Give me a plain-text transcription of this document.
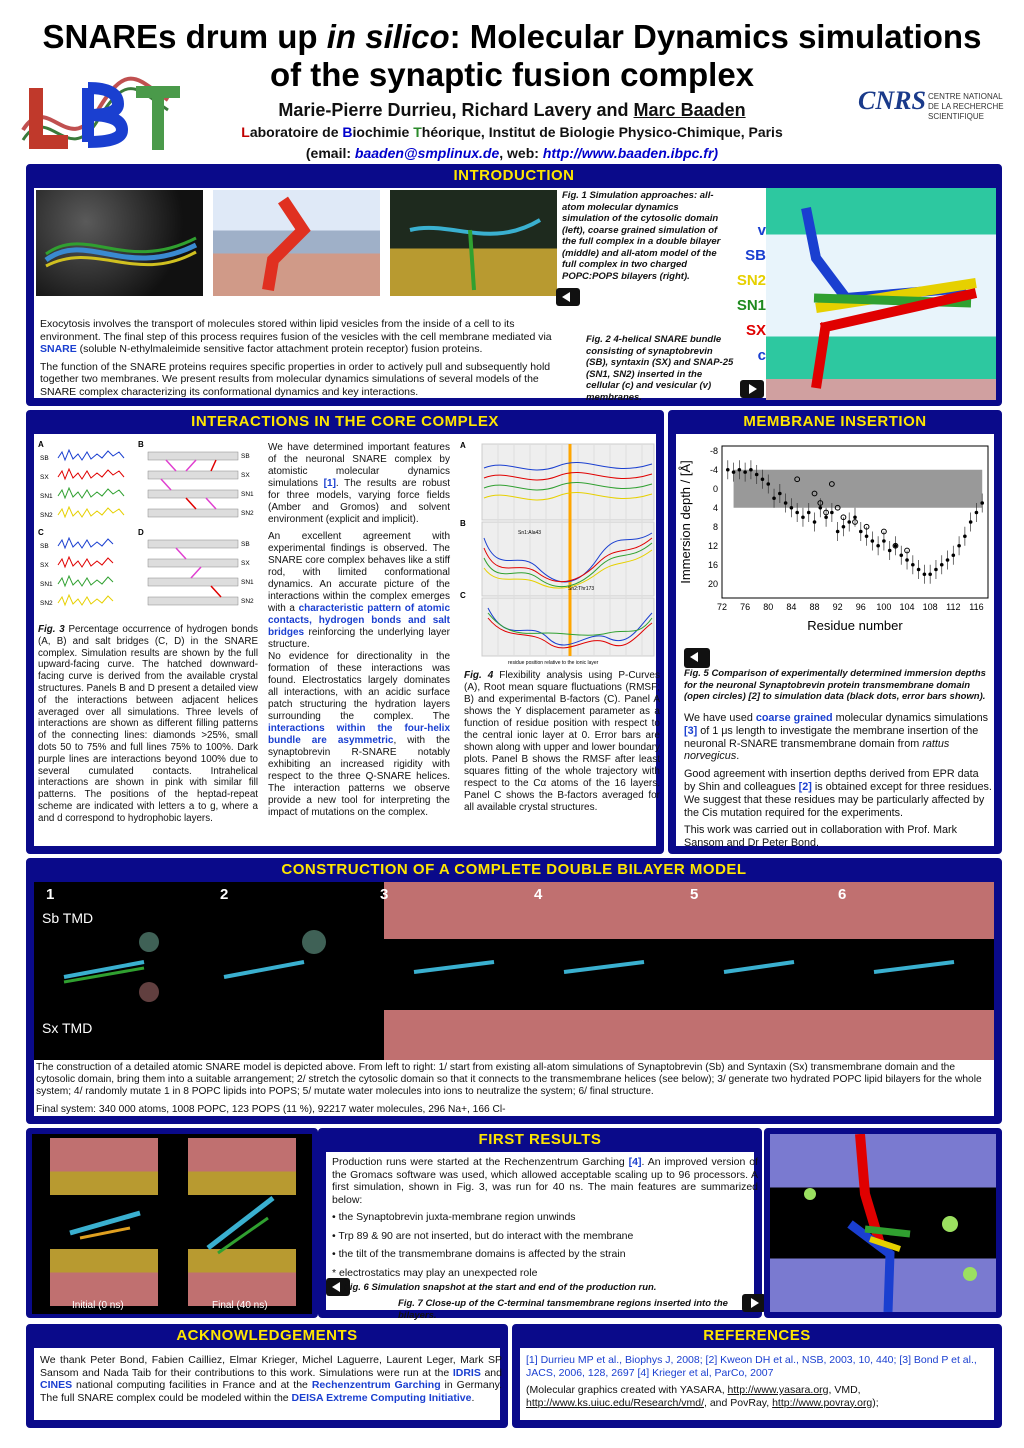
SNAREs drum up in silico: Molecular Dynamics simulations
of the synaptic fusion complex
Marie-Pierre Durrieu, Richard Lavery and Marc Baaden
Laboratoire de Biochimie Théorique, Institut de Biologie Physico-Chimique, Paris
(email: baaden@smplinux.de, web: http://www.baaden.ibpc.fr)
CNRS CENTRE NATIONAL
DE LA RECHERCHE
SCIENTIFIQUE
INTRODUCTION
Fig. 1 Simulation approaches: all-atom molecular dynamics simulation of the cytosolic domain (left), coarse grained simulation of the full complex in a double bilayer (middle) and all-atom model of the full complex in two charged POPC:POPS bilayers (right).
v
SB
SN2
SN1
SX
c

Exocytosis involves the transport of molecules stored within lipid vesicles from the inside of a cell to its environment. The final step of this process requires fusion of the vesicles with the cell membrane mediated via SNARE (soluble N-ethylmaleimide sensitive factor attachment protein receptor) fusion proteins.

The function of the SNARE proteins requires specific properties in order to actively pull and subsequently hold together two membranes. We present results from molecular dynamics simulations of several models of the SNARE complex characterizing its conformational dynamics and key interactions.

Fig. 2 4-helical SNARE bundle consisting of synaptobrevin (SB), syntaxin (SX) and SNAP-25 (SN1, SN2) inserted in the cellular (c) and vesicular (v) membranes.
INTERACTIONS IN THE CORE COMPLEX
A	B
C	D
SB
SX
SN1
SN2
SB
SX
SN1
SN2
SB
SX
SN1
SN2
SB
SX
SN1
SN2
Fig. 3 Percentage occurrence of hydrogen bonds (A, B) and salt bridges (C, D) in the SNARE complex. Simulation results are shown by the full upward-facing curve. The hatched downward-facing curve is derived from the available crystal structures. Panels B and D present a detailed view of the interactions between adjacent helices averaged over all simulations. Three levels of interactions are shown as different filling patterns of the connecting lines: diamonds >25%, small dots 50 to 75% and full lines 75% to 100%. Dark purple lines are interactions beyond 100% due to several cumulated contacts. Intrahelical interactions are shown in pink with similar fill patterns. The positions of the heptad-repeat scheme are indicated with letters a to g, where a and d correspond to hydrophobic layers.

We have determined important features of the neuronal SNARE complex by atomistic molecular dynamics simulations [1]. The results are robust for three models, varying force fields (Amber and Gromos) and solvent environment (explicit and implicit).

An excellent agreement with experimental findings is observed. The SNARE core complex behaves like a stiff rod, with limited conformational dynamics. An accurate picture of the interactions within the complex emerges with a characteristic pattern of atomic contacts, hydrogen bonds and salt bridges reinforcing the underlying layer structure.

No evidence for directionality in the formation of these interactions was found. Electrostatics largely dominates all interactions, with an acidic surface patch structuring the hydration layers surrounding the complex. The interactions within the four-helix bundle are asymmetric, with the synaptobrevin R-SNARE notably exhibiting an increased rigidity with respect to the three Q-SNARE helices. The interaction patterns we observe provide a new tool for interpreting the impact of mutations on the complex.

A
B
C
Sn1:Ala43
Sn2:Thr173
residue position relative to the ionic layer
Fig. 4 Flexibility analysis using P-Curves (A), Root mean square fluctuations (RMSF; B) and experimental B-factors (C). Panel A shows the Y displacement parameter as a function of residue position with respect to the central ionic layer at 0. Error bars are shown along with upper and lower boundary plots. Panel B shows the RMSF after least squares fitting of the whole trajectory with respect to the Cα atoms of the 16 layers. Panel C shows the B-factors averaged for all available crystal structures.
MEMBRANE INSERTION
72 76 80 84 88 92 96 100 104 108 112 116
-8
-4
0
4
8
12
16
20
Residue number
Immersion depth / [Å]
Fig. 5 Comparison of experimentally determined immersion depths for the neuronal Synaptobrevin protein transmembrane domain (open circles) [2] to simulation data (black dots, error bars shown).

We have used coarse grained molecular dynamics simulations [3] of 1 μs length to investigate the membrane insertion of the neuronal R-SNARE transmembrane domain from rattus norvegicus.

Good agreement with insertion depths derived from EPR data by Shin and colleagues [2] is obtained except for three residues. We suggest that these residues may be particularly affected by the Cis mutation required for the experiments.

This work was carried out in collaboration with Prof. Mark Sansom and Dr Peter Bond.

CONSTRUCTION OF A COMPLETE DOUBLE BILAYER MODEL
1	2	3	4	5	6
Sb TMD
Sx TMD

The construction of a detailed atomic SNARE model is depicted above. From left to right: 1/ start from existing all-atom simulations of Synaptobrevin (Sb) and Syntaxin (Sx) transmembrane domain and the cytosolic domain, bring them into a suitable arrangement; 2/ stretch the cytosolic domain so that it connects to the transmembrane helices (see below); 3/ generate two hydrated POPC lipid bilayers for the whole system; 4/ randomly mutate 1 in 8 POPC lipids into POPS; 5/ mutate water molecules into ions to neutralize the system; 6/ final structure.

Final system: 340 000 atoms, 1008 POPC, 123 POPS (11 %), 92217 water molecules, 296 Na+, 166 Cl-

Initial (0 ns)	Final (40 ns)
FIRST RESULTS

Production runs were started at the Rechenzentrum Garching [4]. An improved version of the Gromacs software was used, which allowed acceptable scaling up to 96 processors. A first simulation, shown in Fig. 3, was run for 40 ns. The main features are summarized below:

• the Synaptobrevin juxta-membrane region unwinds
• Trp 89 & 90 are not inserted, but do interact with the membrane
• the tilt of the transmembrane domains is affected by the strain
* electrostatics may play an unexpected role
Fig. 6 Simulation snapshot at the start and end of the production run.
Fig. 7 Close-up of the C-terminal tansmembrane regions inserted into the bilayers.
ACKNOWLEDGEMENTS
We thank Peter Bond, Fabien Cailliez, Elmar Krieger, Michel Laguerre, Laurent Leger, Mark SP Sansom and Nada Taib for their contributions to this work. Simulations were run at the IDRIS and CINES national computing facilities in France and at the Rechenzentrum Garching in Germany. The full SNARE complex could be modeled within the DEISA Extreme Computing Initiative.
REFERENCES

[1] Durrieu MP et al., Biophys J, 2008; [2] Kweon DH et al., NSB, 2003, 10, 440; [3] Bond P et al., JACS, 2006, 128, 2697 [4] Krieger et al, ParCo, 2007

(Molecular graphics created with YASARA, http://www.yasara.org, VMD, http://www.ks.uiuc.edu/Research/vmd/, and PovRay, http://www.povray.org);
